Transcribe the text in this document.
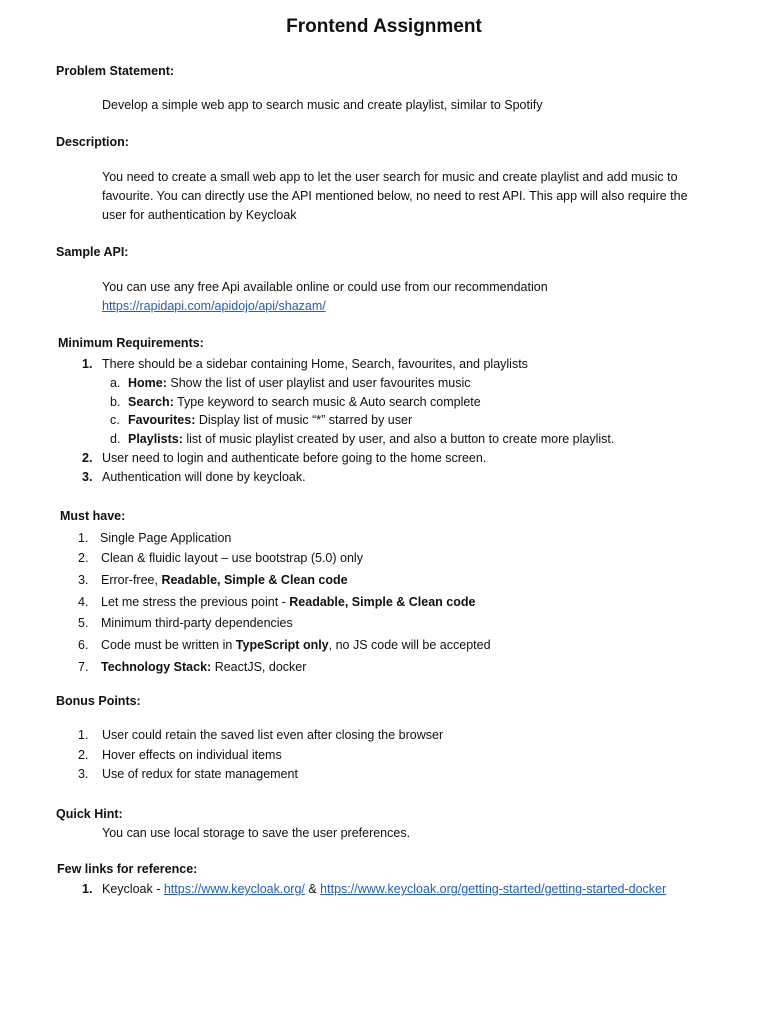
Frontend Assignment
Problem Statement:
Develop a simple web app to search music and create playlist, similar to Spotify
Description:
You need to create a small web app to let the user search for music and create playlist and add music to
favourite. You can directly use the API mentioned below, no need to rest API. This app will also require the
user for authentication by Keycloak
Sample API:
You can use any free Api available online or could use from our recommendation
https://rapidapi.com/apidojo/api/shazam/
Minimum Requirements:
1. There should be a sidebar containing Home, Search, favourites, and playlists
a. Home: Show the list of user playlist and user favourites music
b. Search: Type keyword to search music & Auto search complete
c. Favourites: Display list of music “*” starred by user
d. Playlists: list of music playlist created by user, and also a button to create more playlist.
2. User need to login and authenticate before going to the home screen.
3. Authentication will done by keycloak.
Must have:
1. Single Page Application
2. Clean & fluidic layout – use bootstrap (5.0) only
3. Error-free, Readable, Simple & Clean code
4. Let me stress the previous point - Readable, Simple & Clean code
5. Minimum third-party dependencies
6. Code must be written in TypeScript only, no JS code will be accepted
7. Technology Stack: ReactJS, docker
Bonus Points:
1. User could retain the saved list even after closing the browser
2. Hover effects on individual items
3. Use of redux for state management
Quick Hint:
You can use local storage to save the user preferences.
Few links for reference:
1. Keycloak - https://www.keycloak.org/ & https://www.keycloak.org/getting-started/getting-started-docker
